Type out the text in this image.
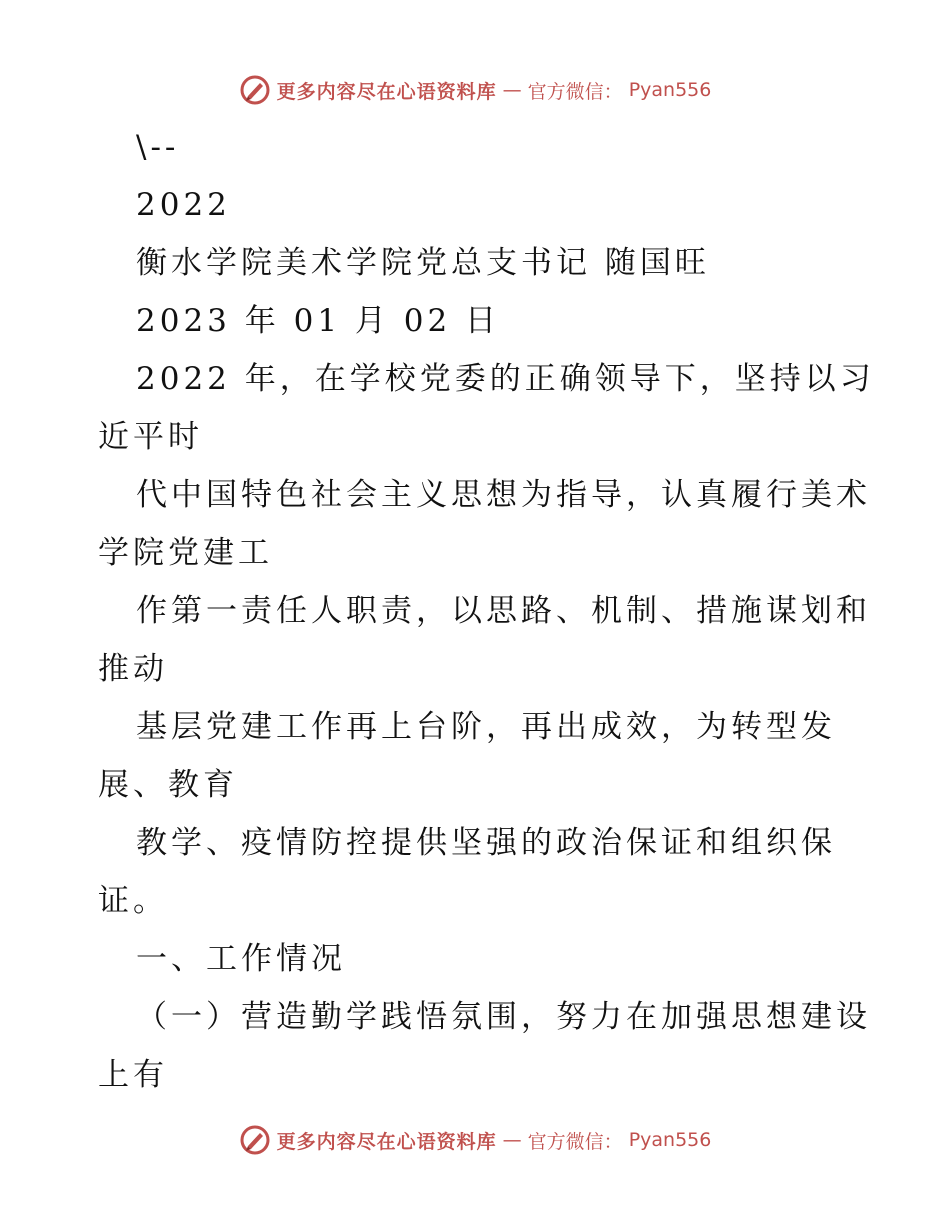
更多内容尽在心语资料库 — 官方微信： Pyan556
\--
2022
衡水学院美术学院党总支书记 随国旺
2023 年 01 月 02 日
2022 年，在学校党委的正确领导下，坚持以习
近平时
代中国特色社会主义思想为指导，认真履行美术
学院党建工
作第一责任人职责，以思路、机制、措施谋划和
推动
基层党建工作再上台阶，再出成效，为转型发
展、教育
教学、疫情防控提供坚强的政治保证和组织保
证。
一、工作情况
（一）营造勤学践悟氛围，努力在加强思想建设
上有
更多内容尽在心语资料库 — 官方微信： Pyan556
